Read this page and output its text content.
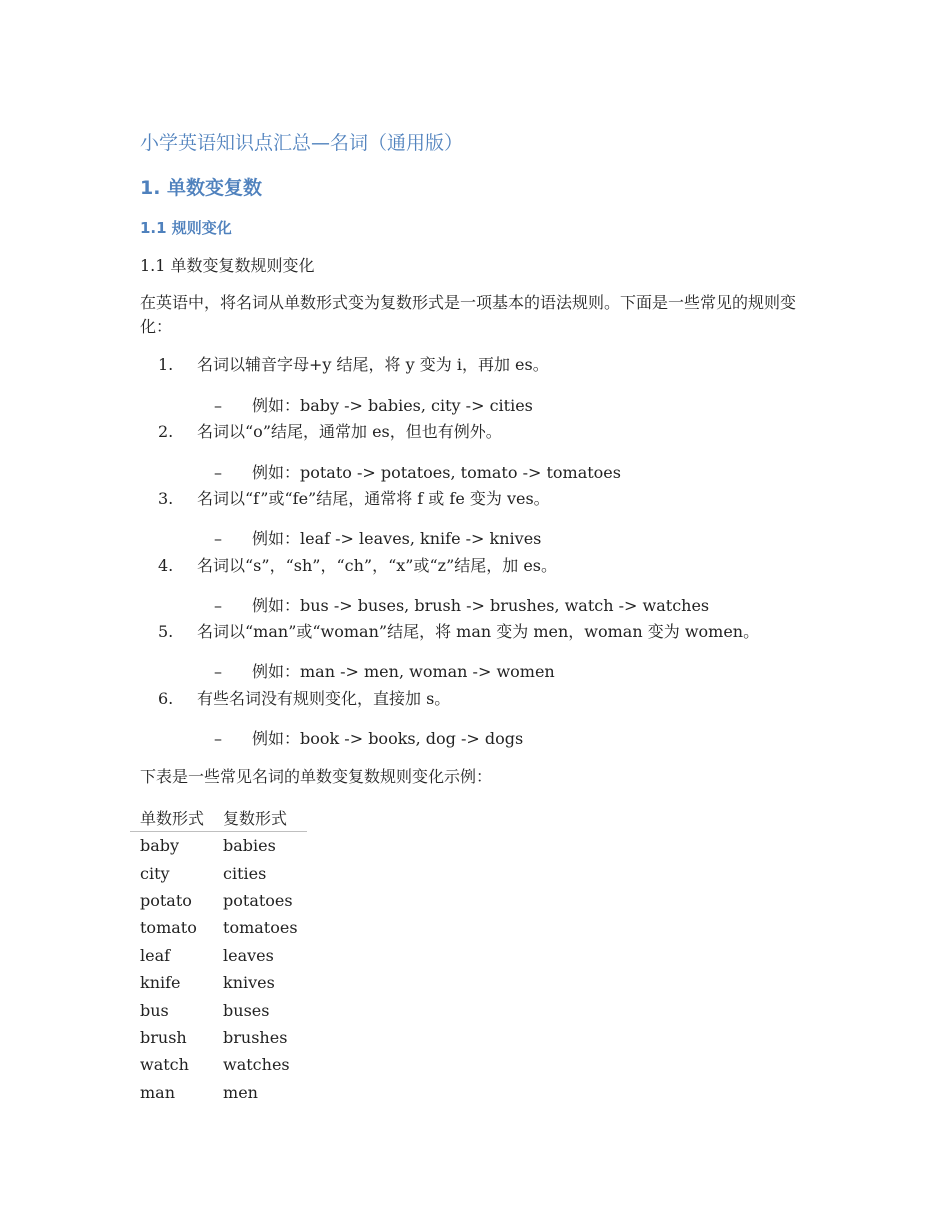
小学英语知识点汇总—名词（通用版）
1. 单数变复数
1.1 规则变化

1.1 单数变复数规则变化

在英语中，将名词从单数形式变为复数形式是一项基本的语法规则。下面是一些常见的规则变化：

1. 名词以辅音字母+y 结尾，将 y 变为 i，再加 es。
– 例如：baby -> babies, city -> cities
2. 名词以“o”结尾，通常加 es，但也有例外。
– 例如：potato -> potatoes, tomato -> tomatoes
3. 名词以“f”或“fe”结尾，通常将 f 或 fe 变为 ves。
– 例如：leaf -> leaves, knife -> knives
4. 名词以“s”，“sh”，“ch”，“x”或“z”结尾，加 es。
– 例如：bus -> buses, brush -> brushes, watch -> watches
5. 名词以“man”或“woman”结尾，将 man 变为 men，woman 变为 women。
– 例如：man -> men, woman -> women
6. 有些名词没有规则变化，直接加 s。
– 例如：book -> books, dog -> dogs

下表是一些常见名词的单数变复数规则变化示例：

单数形式	复数形式
baby	babies
city	cities
potato	potatoes
tomato	tomatoes
leaf	leaves
knife	knives
bus	buses
brush	brushes
watch	watches
man	men
